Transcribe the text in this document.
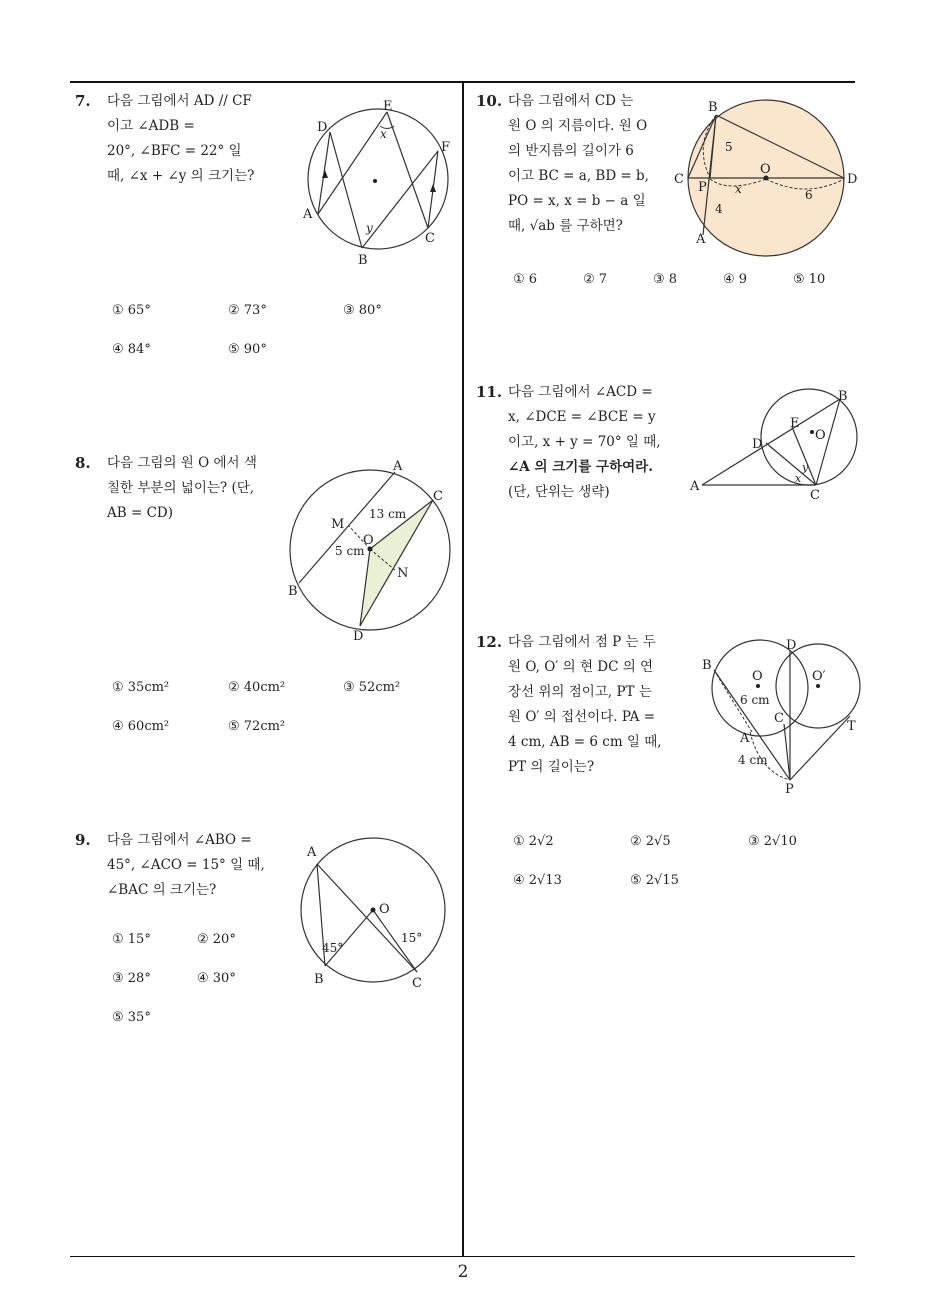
2
7. 다음 그림에서 AD // CF
이고 ∠ADB =
20°, ∠BFC = 22° 일
때, ∠x + ∠y 의 크기는?
D
E
F
A
B
C
x
y
① 65°	② 73°	③ 80°
④ 84°	⑤ 90°
8. 다음 그림의 원 O 에서 색
칠한 부분의 넓이는? (단,
AB = CD)
A
C
M
O
N
B
D
13 cm
5 cm
① 35cm²	② 40cm²	③ 52cm²
④ 60cm²	⑤ 72cm²
9. 다음 그림에서 ∠ABO =
45°, ∠ACO = 15° 일 때,
∠BAC 의 크기는?
A
O
B	C
45°
15°
① 15°	② 20°
③ 28°	④ 30°
⑤ 35°
10. 다음 그림에서 CD 는
원 O 의 지름이다. 원 O
의 반지름의 길이가 6
이고 BC = a, BD = b,
PO = x, x = b − a 일
때, √ab 를 구하면?
B
C
P
O
D
A
5
4
x	6
① 6	② 7	③ 8	④ 9	⑤ 10
11. 다음 그림에서 ∠ACD =
x, ∠DCE = ∠BCE = y
이고, x + y = 70° 일 때,
∠A 의 크기를 구하여라.
(단, 단위는 생략)
B
E
O
D
A
C
x
y
12. 다음 그림에서 점 P 는 두
원 O, O′ 의 현 DC 의 연
장선 위의 점이고, PT 는
원 O′ 의 접선이다. PA =
4 cm, AB = 6 cm 일 때,
PT 의 길이는?
B
D
O	O′
6 cm
C
T
A
4 cm
P
① 2√2	② 2√5	③ 2√10
④ 2√13	⑤ 2√15
